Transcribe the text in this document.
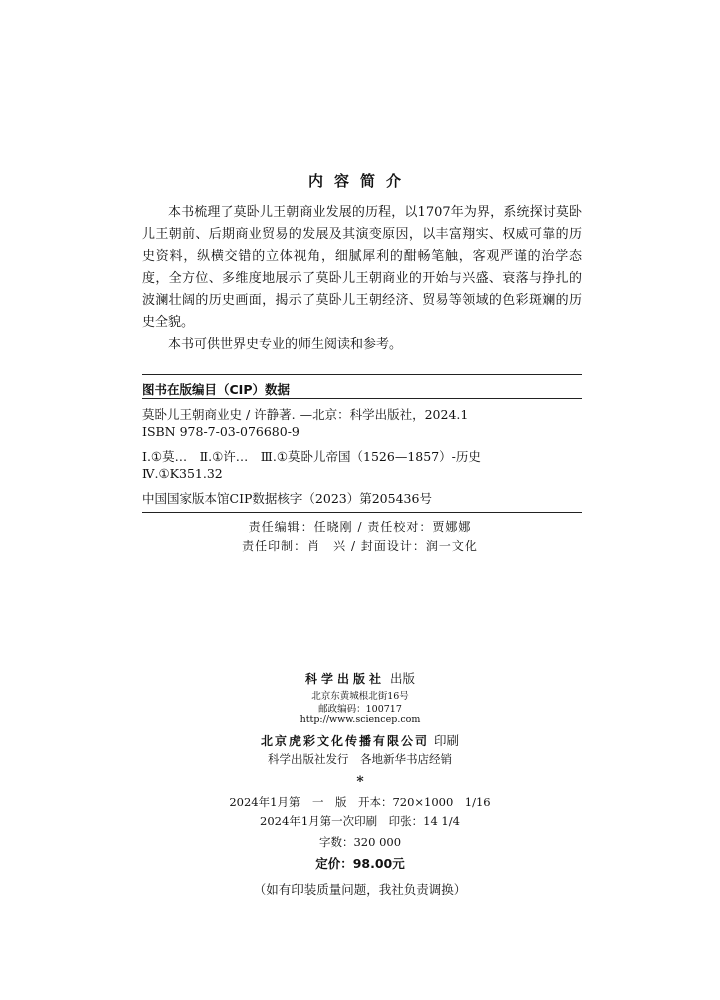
内容简介

本书梳理了莫卧儿王朝商业发展的历程，以1707年为界，系统探讨莫卧儿王朝前、后期商业贸易的发展及其演变原因，以丰富翔实、权威可靠的历史资料，纵横交错的立体视角，细腻犀利的酣畅笔触，客观严谨的治学态度，全方位、多维度地展示了莫卧儿王朝商业的开始与兴盛、衰落与挣扎的波澜壮阔的历史画面，揭示了莫卧儿王朝经济、贸易等领域的色彩斑斓的历史全貌。

本书可供世界史专业的师生阅读和参考。

图书在版编目（CIP）数据
莫卧儿王朝商业史 / 许静著. —北京：科学出版社，2024.1
ISBN 978-7-03-076680-9
Ⅰ.①莫…　Ⅱ.①许…　Ⅲ.①莫卧儿帝国（1526—1857）-历史
Ⅳ.①K351.32
中国国家版本馆CIP数据核字（2023）第205436号
责任编辑：任晓刚 / 责任校对：贾娜娜
责任印制：肖　兴 / 封面设计：润一文化
科学出版社 出版
北京东黄城根北街16号
邮政编码：100717
http://www.sciencep.com
北京虎彩文化传播有限公司 印刷
科学出版社发行　各地新华书店经销
*
2024年1月第　一　版　开本：720×1000　1/16
2024年1月第一次印刷　印张：14 1/4
字数：320 000
定价：98.00元
（如有印装质量问题，我社负责调换）
